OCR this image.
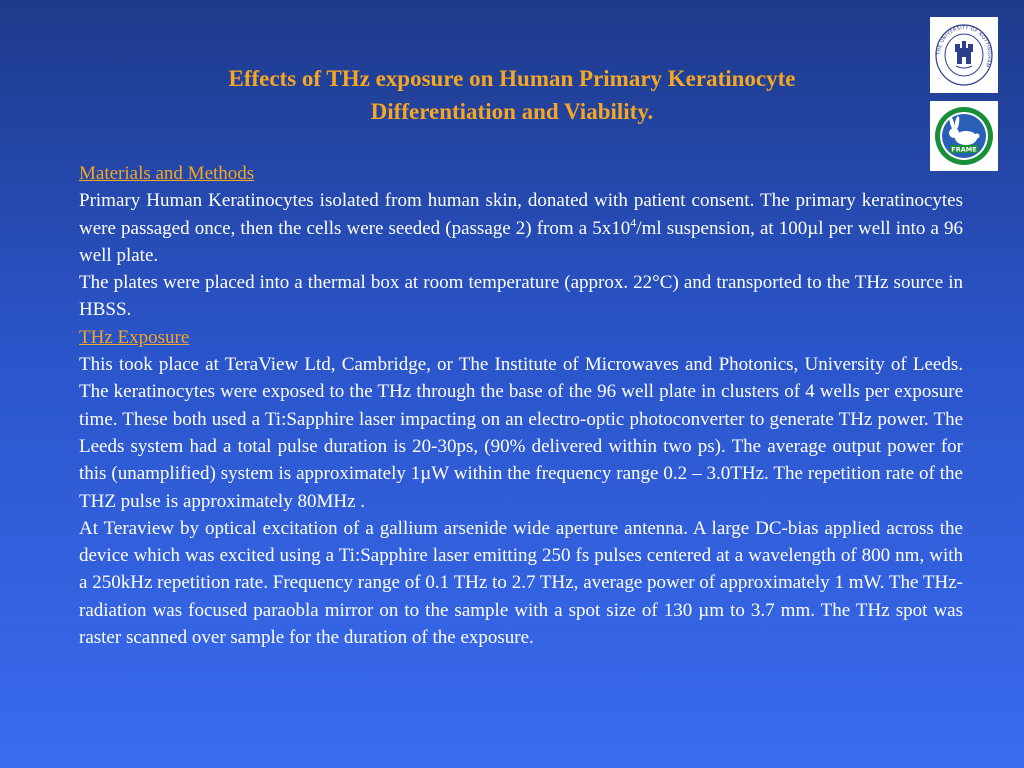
Effects of THz exposure on Human Primary Keratinocyte
Differentiation and Viability.
THE UNIVERSITY OF NOTTINGHAM
FRAME

Materials and Methods

Primary Human Keratinocytes isolated from human skin, donated with patient consent. The primary keratinocytes were passaged once, then the cells were seeded (passage 2) from a $5x10^4/ml$ suspension, at 100µl per well into a 96 well plate.

The plates were placed into a thermal box at room temperature (approx. 22°C) and transported to the THz source in HBSS.

THz Exposure

This took place at TeraView Ltd, Cambridge, or The Institute of Microwaves and Photonics, University of Leeds. The keratinocytes were exposed to the THz through the base of the 96 well plate in clusters of 4 wells per exposure time. These both used a Ti:Sapphire laser impacting on an electro-optic photoconverter to generate THz power. The Leeds system had a total pulse duration is 20-30ps, (90% delivered within two ps). The average output power for this (unamplified) system is approximately 1µW within the frequency range 0.2 – 3.0THz. The repetition rate of the THZ pulse is approximately 80MHz .

At Teraview by optical excitation of a gallium arsenide wide aperture antenna. A large DC-bias applied across the device which was excited using a Ti:Sapphire laser emitting 250 fs pulses centered at a wavelength of 800 nm, with a 250kHz repetition rate. Frequency range of 0.1 THz to 2.7 THz, average power of approximately 1 mW. The THz-radiation was focused paraobla mirror on to the sample with a spot size of 130 µm to 3.7 mm. The THz spot was raster scanned over sample for the duration of the exposure.
